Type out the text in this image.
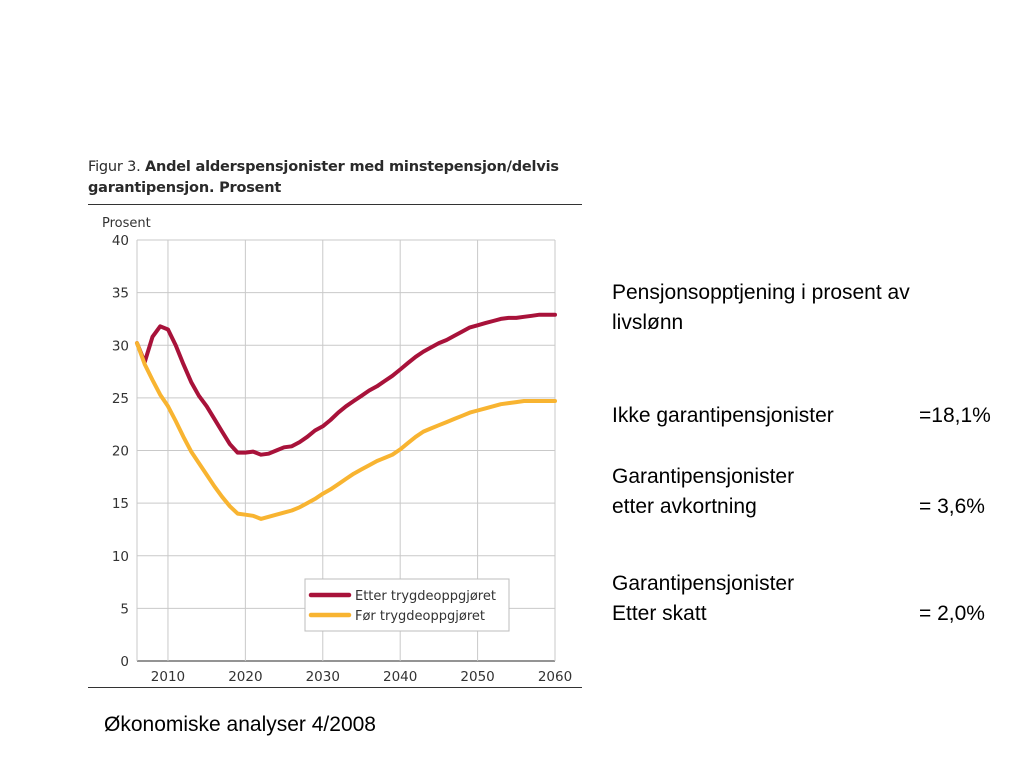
Figur 3. Andel alderspensjonister med minstepensjon/delvis
garantipensjon. Prosent
0
5
10
15
20
25
30
35
40
2010	2020	2030	2040	2050	2060
Prosent
Etter trygdeoppgjøret
Før trygdeoppgjøret
Pensjonsopptjening i prosent av
livslønn
Ikke garantipensjonister	=18,1%
Garantipensjonister
etter avkortning	= 3,6%
Garantipensjonister
Etter skatt	= 2,0%
Økonomiske analyser 4/2008
